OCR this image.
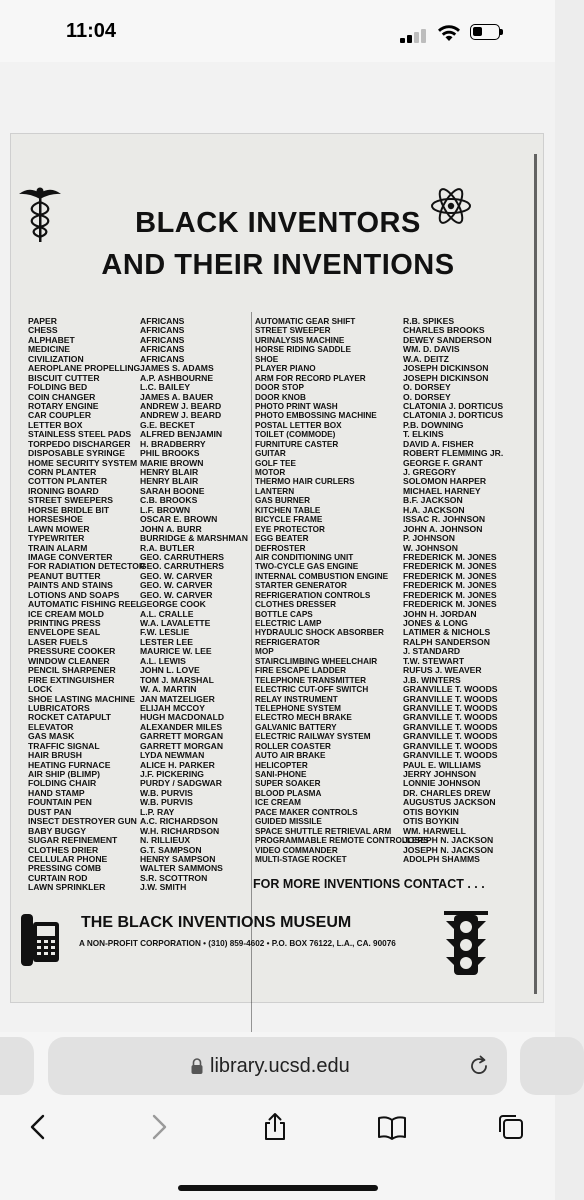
11:04
BLACK INVENTORS
AND THEIR INVENTIONS
PAPER
CHESS
ALPHABET
MEDICINE
CIVILIZATION
AEROPLANE PROPELLING
BISCUIT CUTTER
FOLDING BED
COIN CHANGER
ROTARY ENGINE
CAR COUPLER
LETTER BOX
STAINLESS STEEL PADS
TORPEDO DISCHARGER
DISPOSABLE SYRINGE
HOME SECURITY SYSTEM
CORN PLANTER
COTTON PLANTER
IRONING BOARD
STREET SWEEPERS
HORSE BRIDLE BIT
HORSESHOE
LAWN MOWER
TYPEWRITER
TRAIN ALARM
IMAGE CONVERTER
FOR RADIATION DETECTOR
PEANUT BUTTER
PAINTS AND STAINS
LOTIONS AND SOAPS
AUTOMATIC FISHING REEL
ICE CREAM MOLD
PRINTING PRESS
ENVELOPE SEAL
LASER FUELS
PRESSURE COOKER
WINDOW CLEANER
PENCIL SHARPENER
FIRE EXTINGUISHER
LOCK
SHOE LASTING MACHINE
LUBRICATORS
ROCKET CATAPULT
ELEVATOR
GAS MASK
TRAFFIC SIGNAL
HAIR BRUSH
HEATING FURNACE
AIR SHIP (BLIMP)
FOLDING CHAIR
HAND STAMP
FOUNTAIN PEN
DUST PAN
INSECT DESTROYER GUN
BABY BUGGY
SUGAR REFINEMENT
CLOTHES DRIER
CELLULAR PHONE
PRESSING COMB
CURTAIN ROD
LAWN SPRINKLER
AFRICANS
AFRICANS
AFRICANS
AFRICANS
AFRICANS
JAMES S. ADAMS
A.P. ASHBOURNE
L.C. BAILEY
JAMES A. BAUER
ANDREW J. BEARD
ANDREW J. BEARD
G.E. BECKET
ALFRED BENJAMIN
H. BRADBERRY
PHIL BROOKS
MARIE BROWN
HENRY BLAIR
HENRY BLAIR
SARAH BOONE
C.B. BROOKS
L.F. BROWN
OSCAR E. BROWN
JOHN A. BURR
BURRIDGE & MARSHMAN
R.A. BUTLER
GEO. CARRUTHERS
GEO. CARRUTHERS
GEO. W. CARVER
GEO. W. CARVER
GEO. W. CARVER
GEORGE COOK
A.L. CRALLE
W.A. LAVALETTE
F.W. LESLIE
LESTER LEE
MAURICE W. LEE
A.L. LEWIS
JOHN L. LOVE
TOM J. MARSHAL
W. A. MARTIN
JAN MATZELIGER
ELIJAH MCCOY
HUGH MACDONALD
ALEXANDER MILES
GARRETT MORGAN
GARRETT MORGAN
LYDA NEWMAN
ALICE H. PARKER
J.F. PICKERING
PURDY / SADGWAR
W.B. PURVIS
W.B. PURVIS
L.P. RAY
A.C. RICHARDSON
W.H. RICHARDSON
N. RILLIEUX
G.T. SAMPSON
HENRY SAMPSON
WALTER SAMMONS
S.R. SCOTTRON
J.W. SMITH
AUTOMATIC GEAR SHIFT
STREET SWEEPER
URINALYSIS MACHINE
HORSE RIDING SADDLE
SHOE
PLAYER PIANO
ARM FOR RECORD PLAYER
DOOR STOP
DOOR KNOB
PHOTO PRINT WASH
PHOTO EMBOSSING MACHINE
POSTAL LETTER BOX
TOILET (COMMODE)
FURNITURE CASTER
GUITAR
GOLF TEE
MOTOR
THERMO HAIR CURLERS
LANTERN
GAS BURNER
KITCHEN TABLE
BICYCLE FRAME
EYE PROTECTOR
EGG BEATER
DEFROSTER
AIR CONDITIONING UNIT
TWO-CYCLE GAS ENGINE
INTERNAL COMBUSTION ENGINE
STARTER GENERATOR
REFRIGERATION CONTROLS
CLOTHES DRESSER
BOTTLE CAPS
ELECTRIC LAMP
HYDRAULIC SHOCK ABSORBER
REFRIGERATOR
MOP
STAIRCLIMBING WHEELCHAIR
FIRE ESCAPE LADDER
TELEPHONE TRANSMITTER
ELECTRIC CUT-OFF SWITCH
RELAY INSTRUMENT
TELEPHONE SYSTEM
ELECTRO MECH BRAKE
GALVANIC BATTERY
ELECTRIC RAILWAY SYSTEM
ROLLER COASTER
AUTO AIR BRAKE
HELICOPTER
SANI-PHONE
SUPER SOAKER
BLOOD PLASMA
ICE CREAM
PACE MAKER CONTROLS
GUIDED MISSILE
SPACE SHUTTLE RETRIEVAL ARM
PROGRAMMABLE REMOTE CONTROLLERS
VIDEO COMMANDER
MULTI-STAGE ROCKET
R.B. SPIKES
CHARLES BROOKS
DEWEY SANDERSON
WM. D. DAVIS
W.A. DEITZ
JOSEPH DICKINSON
JOSEPH DICKINSON
O. DORSEY
O. DORSEY
CLATONIA J. DORTICUS
CLATONIA J. DORTICUS
P.B. DOWNING
T. ELKINS
DAVID A. FISHER
ROBERT FLEMMING JR.
GEORGE F. GRANT
J. GREGORY
SOLOMON HARPER
MICHAEL HARNEY
B.F. JACKSON
H.A. JACKSON
ISSAC R. JOHNSON
JOHN A. JOHNSON
P. JOHNSON
W. JOHNSON
FREDERICK M. JONES
FREDERICK M. JONES
FREDERICK M. JONES
FREDERICK M. JONES
FREDERICK M. JONES
FREDERICK M. JONES
JOHN H. JORDAN
JONES & LONG
LATIMER & NICHOLS
RALPH SANDERSON
J. STANDARD
T.W. STEWART
RUFUS J. WEAVER
J.B. WINTERS
GRANVILLE T. WOODS
GRANVILLE T. WOODS
GRANVILLE T. WOODS
GRANVILLE T. WOODS
GRANVILLE T. WOODS
GRANVILLE T. WOODS
GRANVILLE T. WOODS
GRANVILLE T. WOODS
PAUL E. WILLIAMS
JERRY JOHNSON
LONNIE JOHNSON
DR. CHARLES DREW
AUGUSTUS JACKSON
OTIS BOYKIN
OTIS BOYKIN
WM. HARWELL
JOSEPH N. JACKSON
JOSEPH N. JACKSON
ADOLPH SHAMMS
FOR MORE INVENTIONS CONTACT . . .
THE BLACK INVENTIONS MUSEUM
A NON-PROFIT CORPORATION • (310) 859-4602 • P.O. BOX 76122, L.A., CA. 90076
library.ucsd.edu
